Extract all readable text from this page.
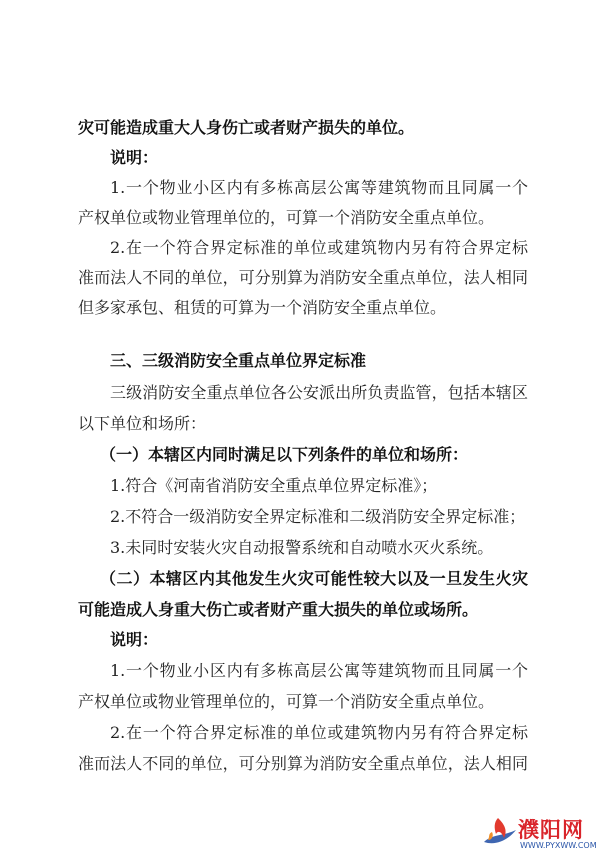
灾可能造成重大人身伤亡或者财产损失的单位。
说明：
1.一个物业小区内有多栋高层公寓等建筑物而且同属一个
产权单位或物业管理单位的，可算一个消防安全重点单位。
2.在一个符合界定标准的单位或建筑物内另有符合界定标
准而法人不同的单位，可分别算为消防安全重点单位，法人相同
但多家承包、租赁的可算为一个消防安全重点单位。
三、三级消防安全重点单位界定标准
三级消防安全重点单位各公安派出所负责监管，包括本辖区
以下单位和场所：
（一）本辖区内同时满足以下列条件的单位和场所：
1.符合《河南省消防安全重点单位界定标准》；
2.不符合一级消防安全界定标准和二级消防安全界定标准；
3.未同时安装火灾自动报警系统和自动喷水灭火系统。
（二）本辖区内其他发生火灾可能性较大以及一旦发生火灾
可能造成人身重大伤亡或者财产重大损失的单位或场所。
说明：
1.一个物业小区内有多栋高层公寓等建筑物而且同属一个
产权单位或物业管理单位的，可算一个消防安全重点单位。
2.在一个符合界定标准的单位或建筑物内另有符合界定标
准而法人不同的单位，可分别算为消防安全重点单位，法人相同
濮阳网
WWW.PYXWW.COM
